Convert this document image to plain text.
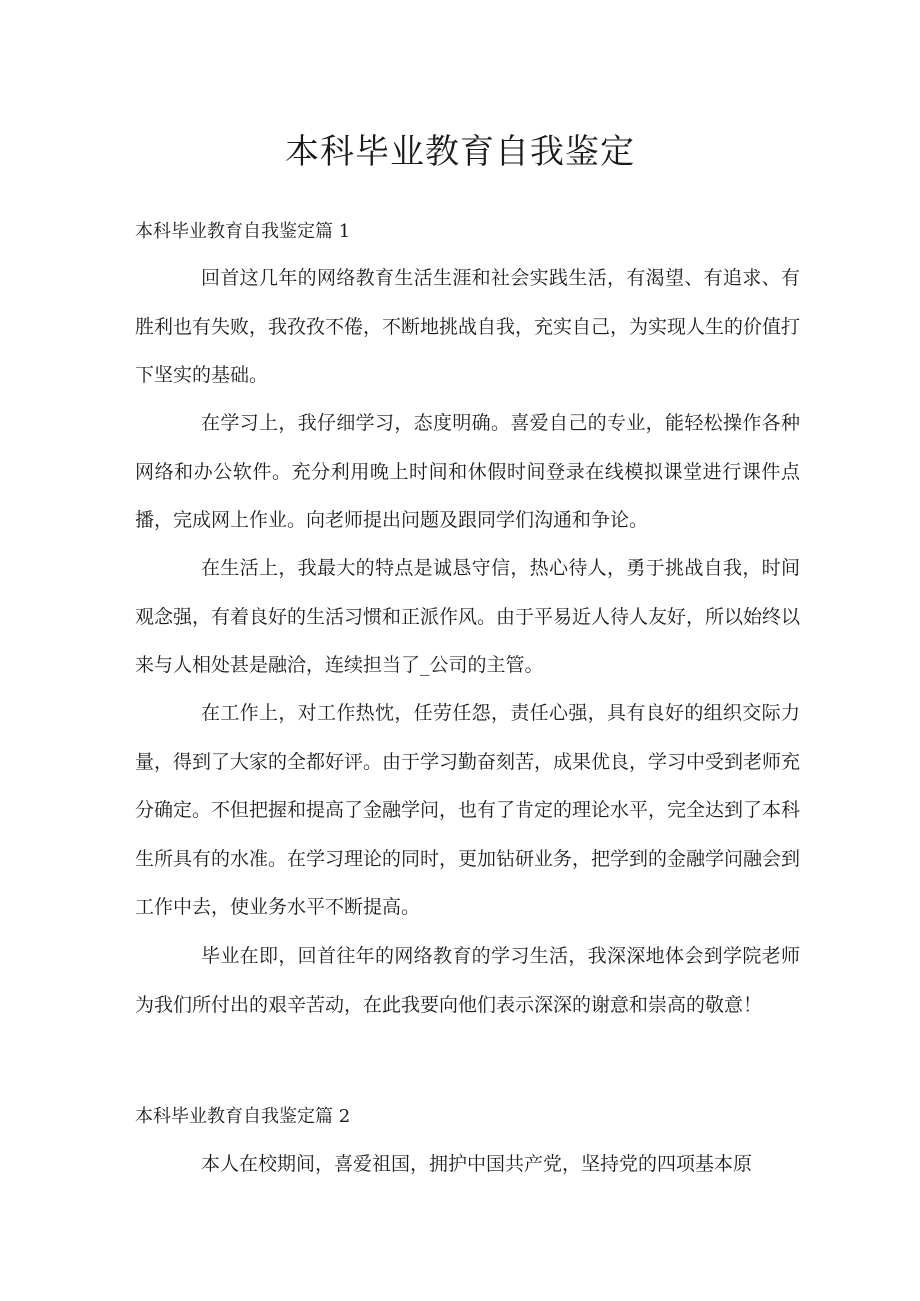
本科毕业教育自我鉴定
本科毕业教育自我鉴定篇 1

回首这几年的网络教育生活生涯和社会实践生活，有渴望、有追求、有胜利也有失败，我孜孜不倦，不断地挑战自我，充实自己，为实现人生的价值打下坚实的基础。

在学习上，我仔细学习，态度明确。喜爱自己的专业，能轻松操作各种网络和办公软件。充分利用晚上时间和休假时间登录在线模拟课堂进行课件点播，完成网上作业。向老师提出问题及跟同学们沟通和争论。

在生活上，我最大的特点是诚恳守信，热心待人，勇于挑战自我，时间观念强，有着良好的生活习惯和正派作风。由于平易近人待人友好，所以始终以来与人相处甚是融洽，连续担当了_公司的主管。

在工作上，对工作热忱，任劳任怨，责任心强，具有良好的组织交际力量，得到了大家的全都好评。由于学习勤奋刻苦，成果优良，学习中受到老师充分确定。不但把握和提高了金融学问，也有了肯定的理论水平，完全达到了本科生所具有的水准。在学习理论的同时，更加钻研业务，把学到的金融学问融会到工作中去，使业务水平不断提高。

毕业在即，回首往年的网络教育的学习生活，我深深地体会到学院老师为我们所付出的艰辛苦动，在此我要向他们表示深深的谢意和崇高的敬意！

本科毕业教育自我鉴定篇 2

本人在校期间，喜爱祖国，拥护中国共产党，坚持党的四项基本原
